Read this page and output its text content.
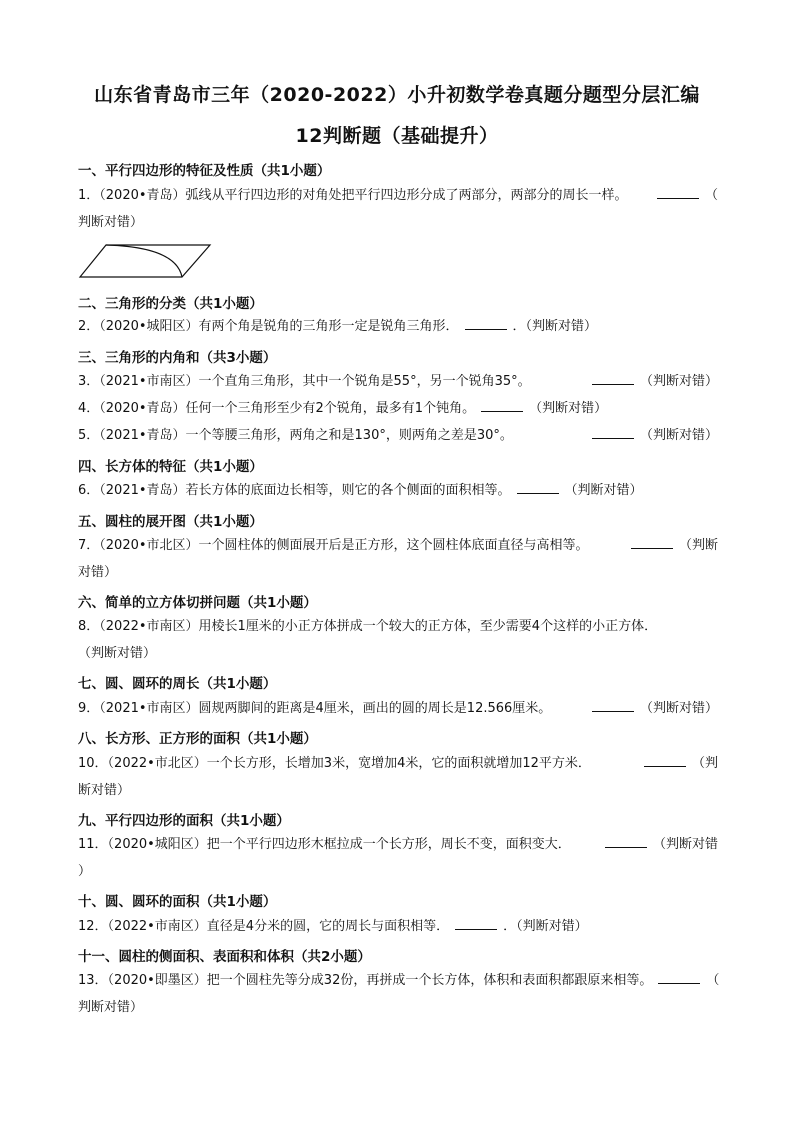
山东省青岛市三年（2020-2022）小升初数学卷真题分题型分层汇编
12判断题（基础提升）
一、平行四边形的特征及性质（共1小题）
1．（2020•青岛）弧线从平行四边形的对角处把平行四边形分成了两部分，两部分的周长一样。	（
判断对错）
二、三角形的分类（共1小题）
2．（2020•城阳区）有两个角是锐角的三角形一定是锐角三角形．	．（判断对错）
三、三角形的内角和（共3小题）
3．（2021•市南区）一个直角三角形，其中一个锐角是55°，另一个锐角35°。	（判断对错）
4．（2020•青岛）任何一个三角形至少有2个锐角，最多有1个钝角。	（判断对错）
5．（2021•青岛）一个等腰三角形，两角之和是130°，则两角之差是30°。	（判断对错）
四、长方体的特征（共1小题）
6．（2021•青岛）若长方体的底面边长相等，则它的各个侧面的面积相等。	（判断对错）
五、圆柱的展开图（共1小题）
7．（2020•市北区）一个圆柱体的侧面展开后是正方形，这个圆柱体底面直径与高相等。	（判断
对错）
六、简单的立方体切拼问题（共1小题）
8．（2022•市南区）用棱长1厘米的小正方体拼成一个较大的正方体，至少需要4个这样的小正方体．
（判断对错）
七、圆、圆环的周长（共1小题）
9．（2021•市南区）圆规两脚间的距离是4厘米，画出的圆的周长是12.566厘米。	（判断对错）
八、长方形、正方形的面积（共1小题）
10．（2022•市北区）一个长方形，长增加3米，宽增加4米，它的面积就增加12平方米．	（判
断对错）
九、平行四边形的面积（共1小题）
11．（2020•城阳区）把一个平行四边形木框拉成一个长方形，周长不变，面积变大．	（判断对错
）
十、圆、圆环的面积（共1小题）
12．（2022•市南区）直径是4分米的圆，它的周长与面积相等．	．（判断对错）
十一、圆柱的侧面积、表面积和体积（共2小题）
13．（2020•即墨区）把一个圆柱先等分成32份，再拼成一个长方体，体积和表面积都跟原来相等。	（
判断对错）
